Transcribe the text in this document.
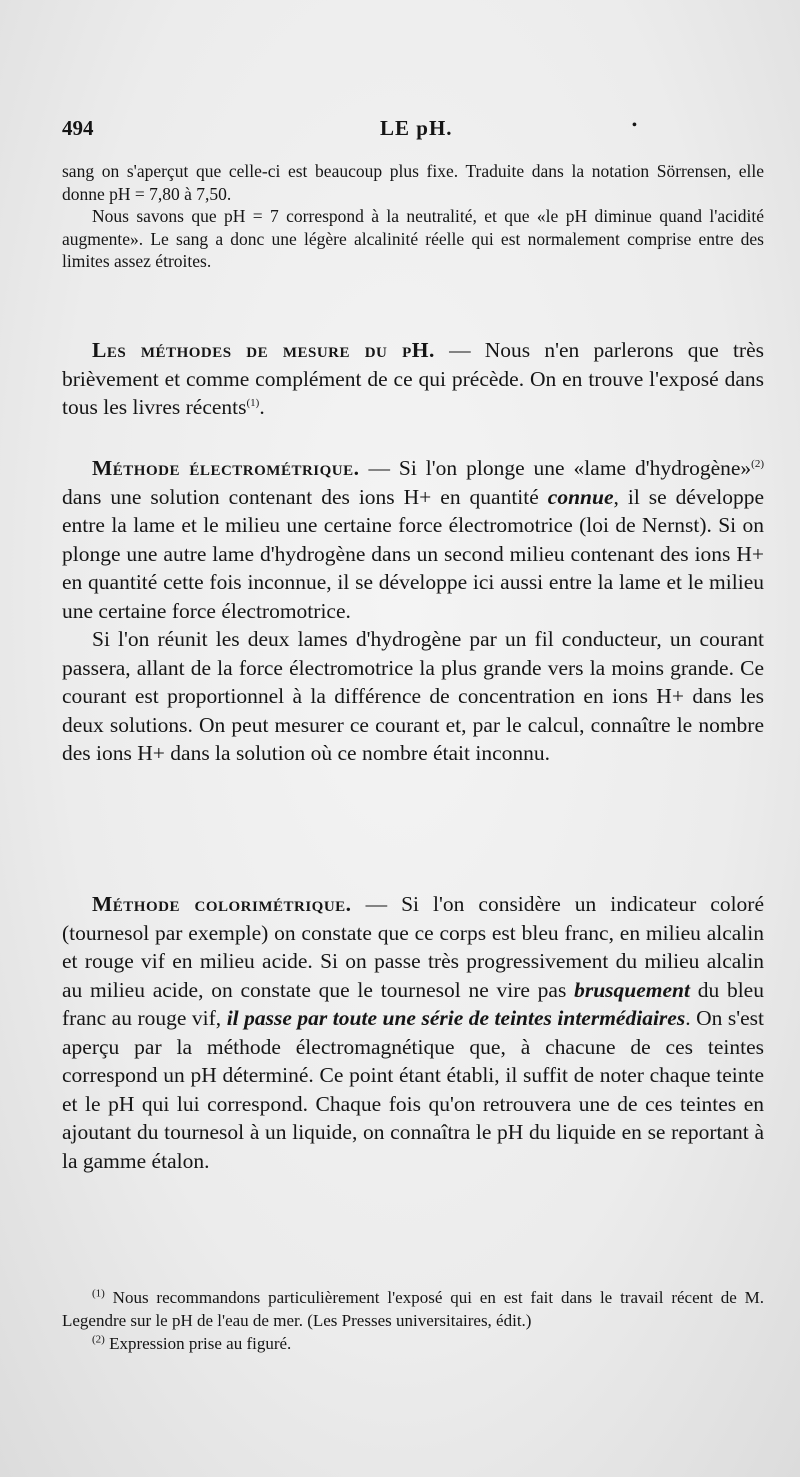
494	LE pH.	•

sang on s'aperçut que celle-ci est beaucoup plus fixe. Traduite dans la notation Sörrensen, elle donne pH = 7,80 à 7,50.

Nous savons que pH = 7 correspond à la neutralité, et que «le pH diminue quand l'acidité augmente». Le sang a donc une légère alcalinité réelle qui est normalement comprise entre des limites assez étroites.

Les méthodes de mesure du pH. — Nous n'en parlerons que très brièvement et comme complément de ce qui précède. On en trouve l'exposé dans tous les livres récents$^{(1)}$.

Méthode électrométrique. — Si l'on plonge une «lame d'hydrogène»$^{(2)}$ dans une solution contenant des ions H+ en quantité connue, il se développe entre la lame et le milieu une certaine force électromotrice (loi de Nernst). Si on plonge une autre lame d'hydrogène dans un second milieu contenant des ions H+ en quantité cette fois inconnue, il se développe ici aussi entre la lame et le milieu une certaine force électromotrice.

Si l'on réunit les deux lames d'hydrogène par un fil conducteur, un courant passera, allant de la force électromotrice la plus grande vers la moins grande. Ce courant est proportionnel à la différence de concentration en ions H+ dans les deux solutions. On peut mesurer ce courant et, par le calcul, connaître le nombre des ions H+ dans la solution où ce nombre était inconnu.

Méthode colorimétrique. — Si l'on considère un indicateur coloré (tournesol par exemple) on constate que ce corps est bleu franc, en milieu alcalin et rouge vif en milieu acide. Si on passe très progressivement du milieu alcalin au milieu acide, on constate que le tournesol ne vire pas brusquement du bleu franc au rouge vif, il passe par toute une série de teintes intermédiaires. On s'est aperçu par la méthode électromagnétique que, à chacune de ces teintes correspond un pH déterminé. Ce point étant établi, il suffit de noter chaque teinte et le pH qui lui correspond. Chaque fois qu'on retrouvera une de ces teintes en ajoutant du tournesol à un liquide, on connaîtra le pH du liquide en se reportant à la gamme étalon.

$^{(1)}$ Nous recommandons particulièrement l'exposé qui en est fait dans le travail récent de M. Legendre sur le pH de l'eau de mer. (Les Presses universitaires, édit.)

$^{(2)}$ Expression prise au figuré.
